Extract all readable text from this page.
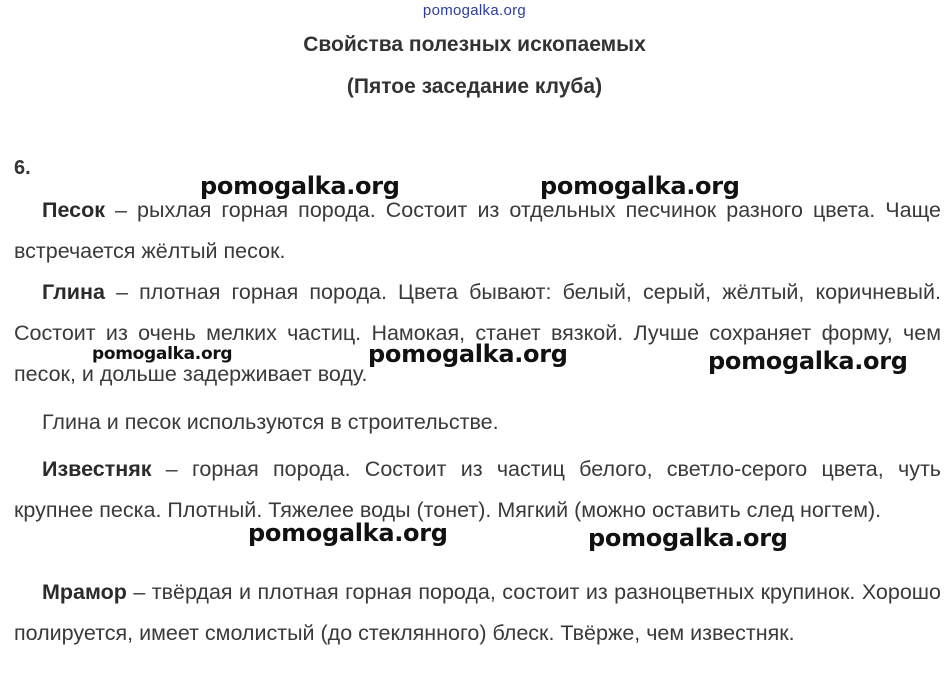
pomogalka.org
Свойства полезных ископаемых
(Пятое заседание клуба)
6.

Песок – рыхлая горная порода. Состоит из отдельных песчинок разного цвета. Чаще встречается жёлтый песок.

Глина – плотная горная порода. Цвета бывают: белый, серый, жёлтый, коричневый. Состоит из очень мелких частиц. Намокая, станет вязкой. Лучше сохраняет форму, чем песок, и дольше задерживает воду.

Глина и песок используются в строительстве.

Известняк – горная порода. Состоит из частиц белого, светло-серого цвета, чуть крупнее песка. Плотный. Тяжелее воды (тонет). Мягкий (можно оставить след ногтем).

Мрамор – твёрдая и плотная горная порода, состоит из разноцветных крупинок. Хорошо полируется, имеет смолистый (до стеклянного) блеск. Твёрже, чем известняк.

pomogalka.org	pomogalka.org
pomogalka.org	pomogalka.org	pomogalka.org
pomogalka.org	pomogalka.org
